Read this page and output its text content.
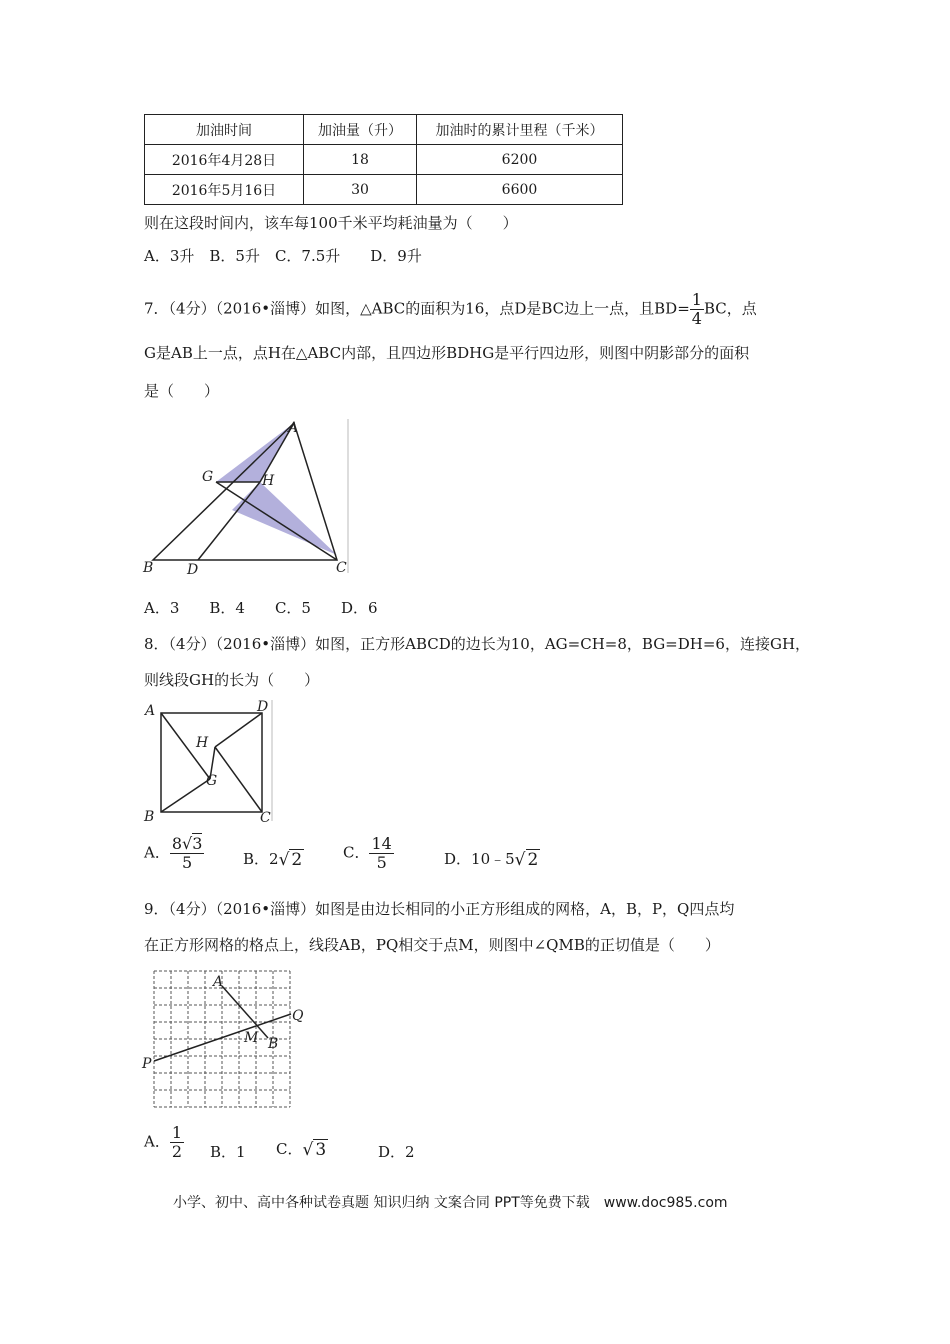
加油时间	加油量（升）	加油时的累计里程（千米）
2016年4月28日	18	6200
2016年5月16日	30	6600
则在这段时间内，该车每100千米平均耗油量为（　　）
A．3升　B．5升　C．7.5升　　D．9升
7．（4分）（2016•淄博）如图，△ABC的面积为16，点D是BC边上一点，且$BD= \frac{1}{4}$ BC，点
G是AB上一点，点H在△ABC内部，且四边形BDHG是平行四边形，则图中阴影部分的面积
是（　　）
A
G	H
B D	C
A．3　　B．4　　C．5　　D．6
8．（4分）（2016•淄博）如图，正方形ABCD的边长为10，AG=CH=8，BG=DH=6，连接GH，
则线段GH的长为（　　）
A	D
H
G
B	C
A． $\frac{8√3}{5}$	B．2√ 2	C． $\frac{14}{5}$	D．10﹣5√ 2
9．（4分）（2016•淄博）如图是由边长相同的小正方形组成的网格，A，B，P，Q四点均
在正方形网格的格点上，线段AB，PQ相交于点M，则图中∠QMB的正切值是（　　）
A
Q
M B
P
A． $\frac{1}{2}$ B．1 C．√ 3	D．2
小学、初中、高中各种试卷真题 知识归纳 文案合同 PPT等免费下载　www.doc985.com
